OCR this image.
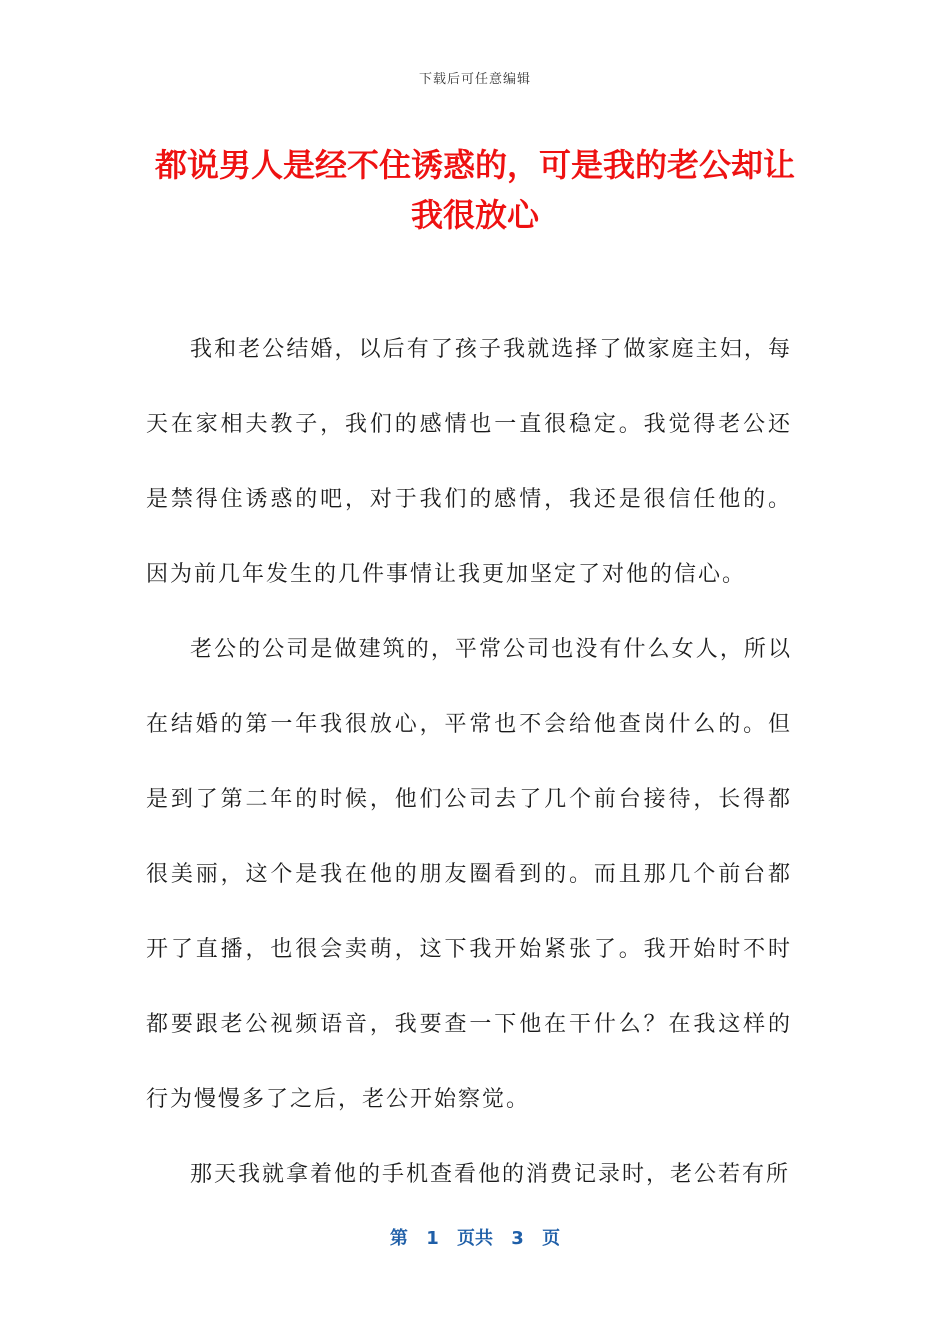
下载后可任意编辑
都说男人是经不住诱惑的，可是我的老公却让我很放心

我和老公结婚，以后有了孩子我就选择了做家庭主妇，每天在家相夫教子，我们的感情也一直很稳定。我觉得老公还是禁得住诱惑的吧，对于我们的感情，我还是很信任他的。因为前几年发生的几件事情让我更加坚定了对他的信心。

老公的公司是做建筑的，平常公司也没有什么女人，所以在结婚的第一年我很放心，平常也不会给他查岗什么的。但是到了第二年的时候，他们公司去了几个前台接待，长得都很美丽，这个是我在他的朋友圈看到的。而且那几个前台都开了直播，也很会卖萌，这下我开始紧张了。我开始时不时都要跟老公视频语音，我要查一下他在干什么？在我这样的行为慢慢多了之后，老公开始察觉。

那天我就拿着他的手机查看他的消费记录时，老公若有所

第 1 页共 3 页
